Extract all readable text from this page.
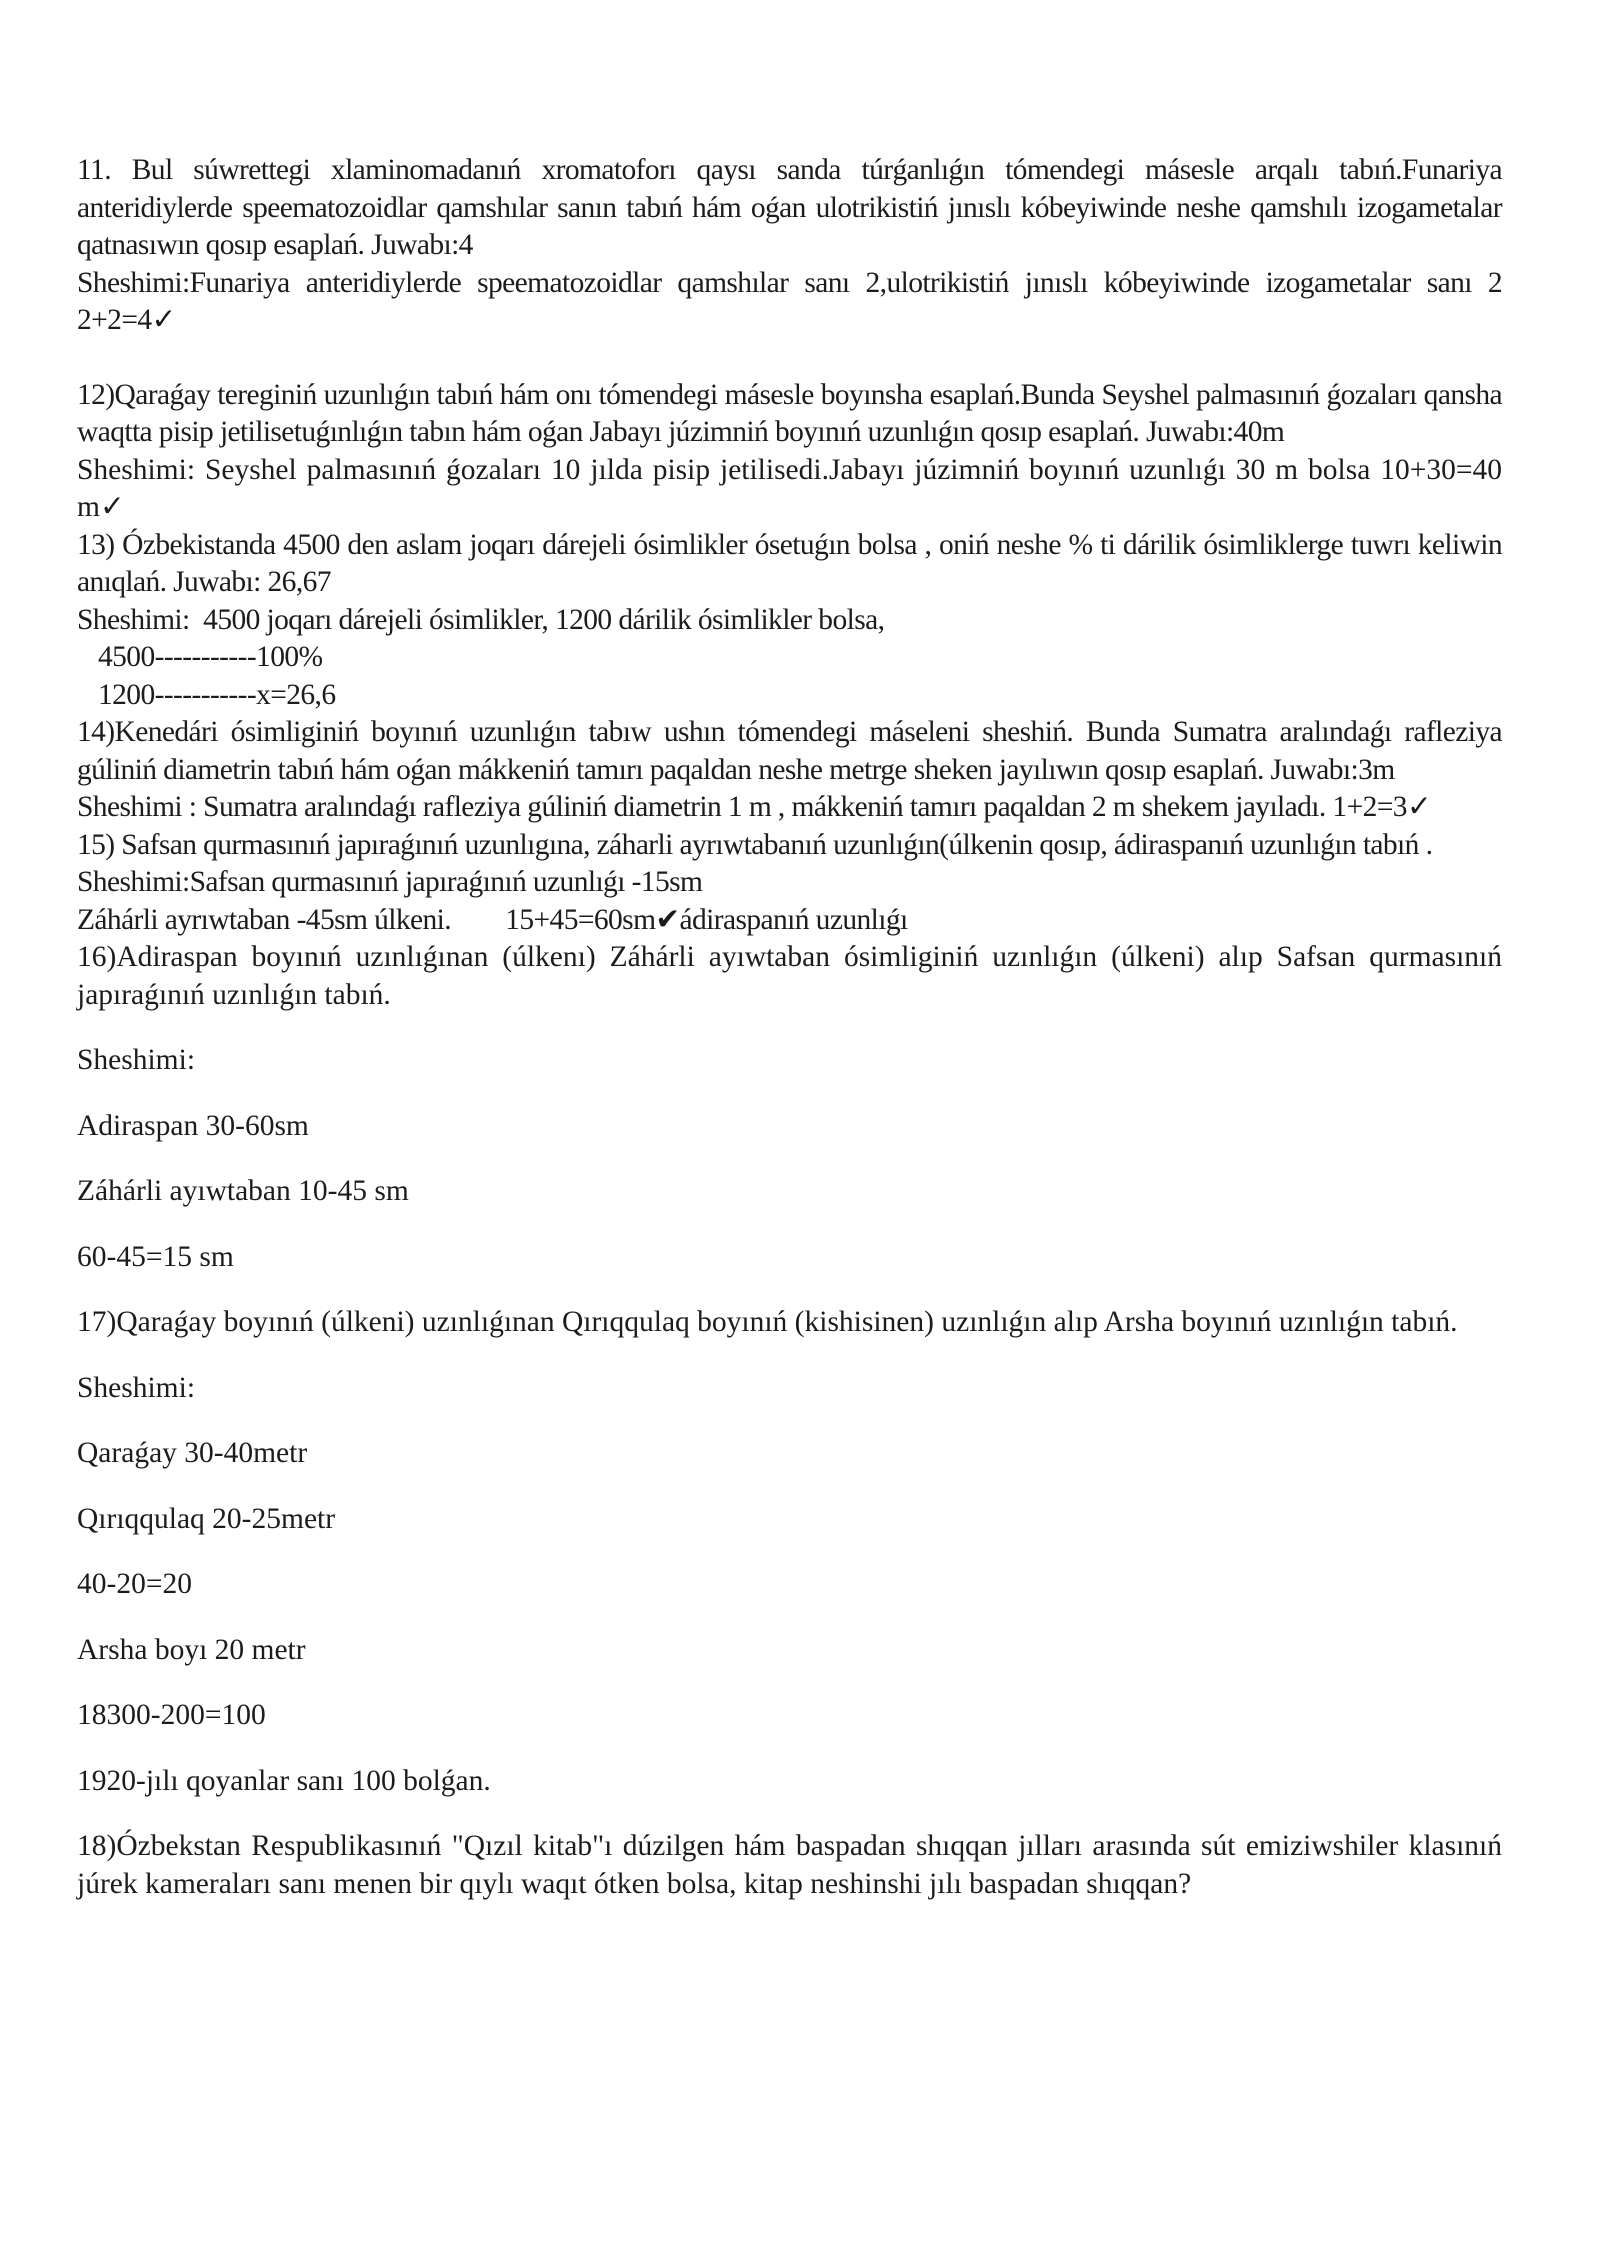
11. Bul súwrettegi xlaminomadanıń xromatoforı qaysı sanda túrǵanlıǵın tómendegi másesle arqalı tabıń.Funariya anteridiylerde speematozoidlar qamshılar sanın tabıń hám oǵan ulotrikistiń jınıslı kóbeyiwinde neshe qamshılı izogametalar qatnasıwın qosıp esaplań. Juwabı:4

Sheshimi:Funariya anteridiylerde speematozoidlar qamshılar sanı 2,ulotrikistiń jınıslı kóbeyiwinde izogametalar sanı 2     2+2=4✓

12)Qaraǵay tereginiń uzunlıǵın tabıń hám onı tómendegi másesle boyınsha esaplań.Bunda Seyshel palmasınıń ǵozaları qansha waqtta pisip jetilisetuǵınlıǵın tabın hám oǵan Jabayı júzimniń boyınıń uzunlıǵın qosıp esaplań. Juwabı:40m

Sheshimi: Seyshel palmasınıń ǵozaları 10 jılda pisip jetilisedi.Jabayı júzimniń boyınıń uzunlıǵı 30 m bolsa 10+30=40 m✓

13) Ózbekistanda 4500 den aslam joqarı dárejeli ósimlikler ósetuǵın bolsa , oniń neshe % ti dárilik ósimliklerge tuwrı keliwin anıqlań. Juwabı: 26,67

Sheshimi:  4500 joqarı dárejeli ósimlikler, 1200 dárilik ósimlikler bolsa,

4500-----------100%

1200-----------x=26,6

14)Kenedári ósimliginiń boyınıń uzunlıǵın tabıw ushın tómendegi máseleni sheshiń. Bunda Sumatra aralındaǵı rafleziya gúliniń diametrin tabıń hám oǵan mákkeniń tamırı paqaldan neshe metrge sheken jayılıwın qosıp esaplań. Juwabı:3m

Sheshimi : Sumatra aralındaǵı rafleziya gúliniń diametrin 1 m , mákkeniń tamırı paqaldan 2 m shekem jayıladı. 1+2=3✓

15) Safsan qurmasınıń japıraǵınıń uzunlıgına, záharli ayrıwtabanıń uzunlıǵın(úlkenin qosıp, ádiraspanıń uzunlıǵın tabıń .

Sheshimi:Safsan qurmasınıń japıraǵınıń uzunlıǵı -15sm

Záhárli ayrıwtaban -45sm úlkeni.        15+45=60sm✔ádiraspanıń uzunlıǵı

16)Adiraspan boyınıń uzınlıǵınan (úlkenı) Záhárli ayıwtaban ósimliginiń uzınlıǵın (úlkeni) alıp Safsan qurmasınıń japıraǵınıń uzınlıǵın tabıń.

Sheshimi:

Adiraspan 30-60sm

Záhárli ayıwtaban 10-45 sm

60-45=15 sm

17)Qaraǵay boyınıń (úlkeni) uzınlıǵınan Qırıqqulaq boyınıń (kishisinen) uzınlıǵın alıp Arsha boyınıń uzınlıǵın tabıń.

Sheshimi:

Qaraǵay 30-40metr

Qırıqqulaq 20-25metr

40-20=20

Arsha boyı 20 metr

18300-200=100

1920-jılı qoyanlar sanı 100 bolǵan.

18)Ózbekstan Respublikasınıń "Qızıl kitab"ı dúzilgen hám baspadan shıqqan jılları arasında sút emiziwshiler klasınıń júrek kameraları sanı menen bir qıylı waqıt ótken bolsa, kitap neshinshi jılı baspadan shıqqan?
